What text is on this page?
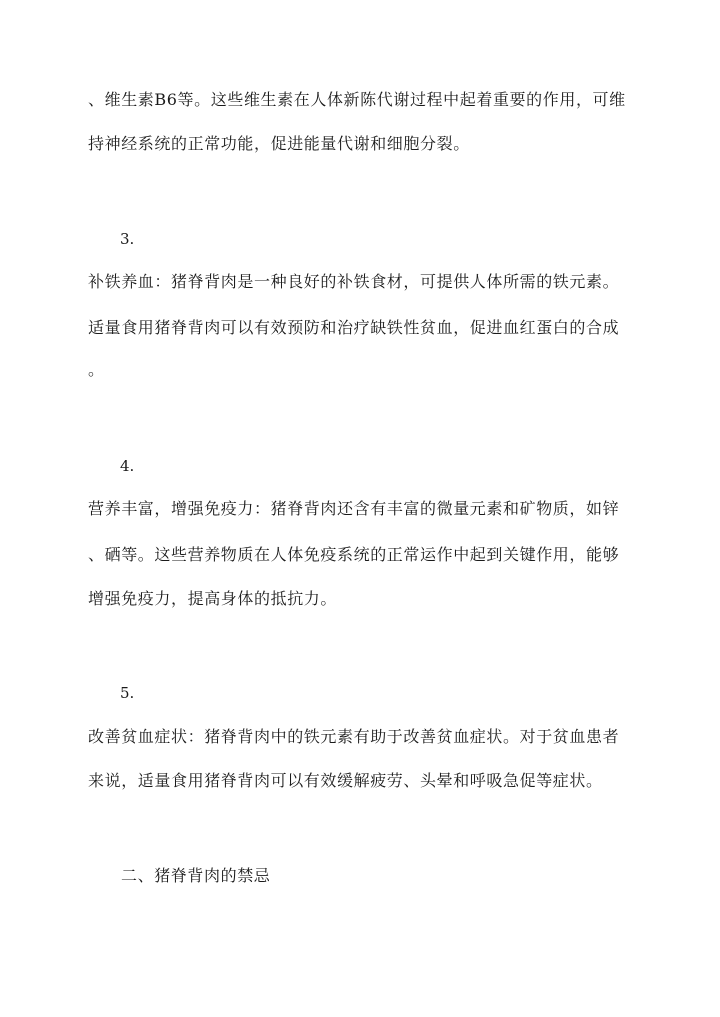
、维生素B6等。这些维生素在人体新陈代谢过程中起着重要的作用，可维
持神经系统的正常功能，促进能量代谢和细胞分裂。
3.
补铁养血：猪脊背肉是一种良好的补铁食材，可提供人体所需的铁元素。
适量食用猪脊背肉可以有效预防和治疗缺铁性贫血，促进血红蛋白的合成
。
4.
营养丰富，增强免疫力：猪脊背肉还含有丰富的微量元素和矿物质，如锌
、硒等。这些营养物质在人体免疫系统的正常运作中起到关键作用，能够
增强免疫力，提高身体的抵抗力。
5.
改善贫血症状：猪脊背肉中的铁元素有助于改善贫血症状。对于贫血患者
来说，适量食用猪脊背肉可以有效缓解疲劳、头晕和呼吸急促等症状。
二、猪脊背肉的禁忌
